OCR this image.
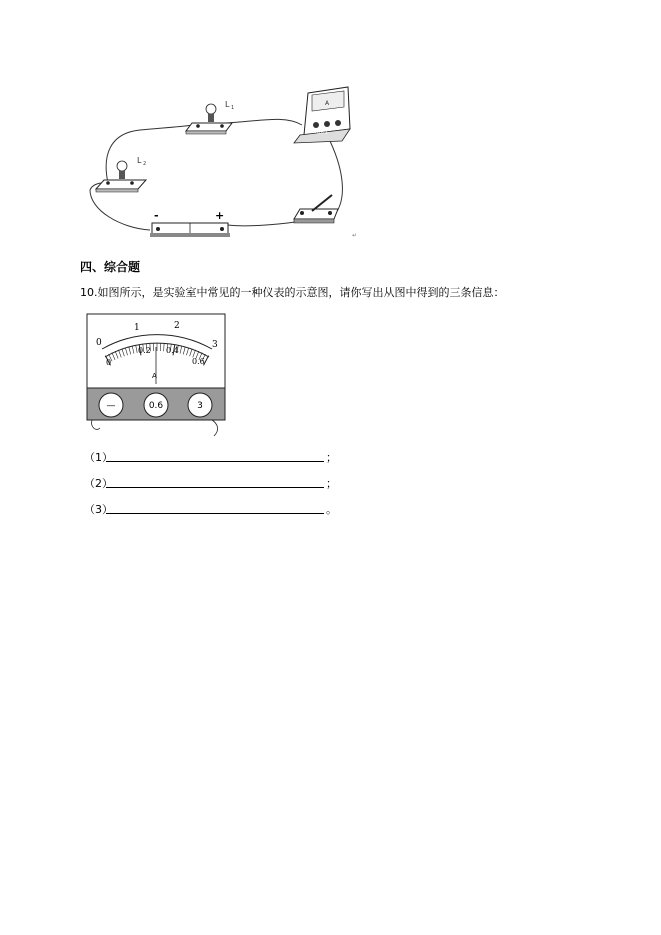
↵
L 1
L 2
-	+
A
— 0.6 3
四、综合题
10.如图所示，是实验室中常见的一种仪表的示意图，请你写出从图中得到的三条信息：
0
1	2
3
0
0.2 0.4
0.6
A
—	0.6	3
（1）	；
（2）	；
（3）	。
